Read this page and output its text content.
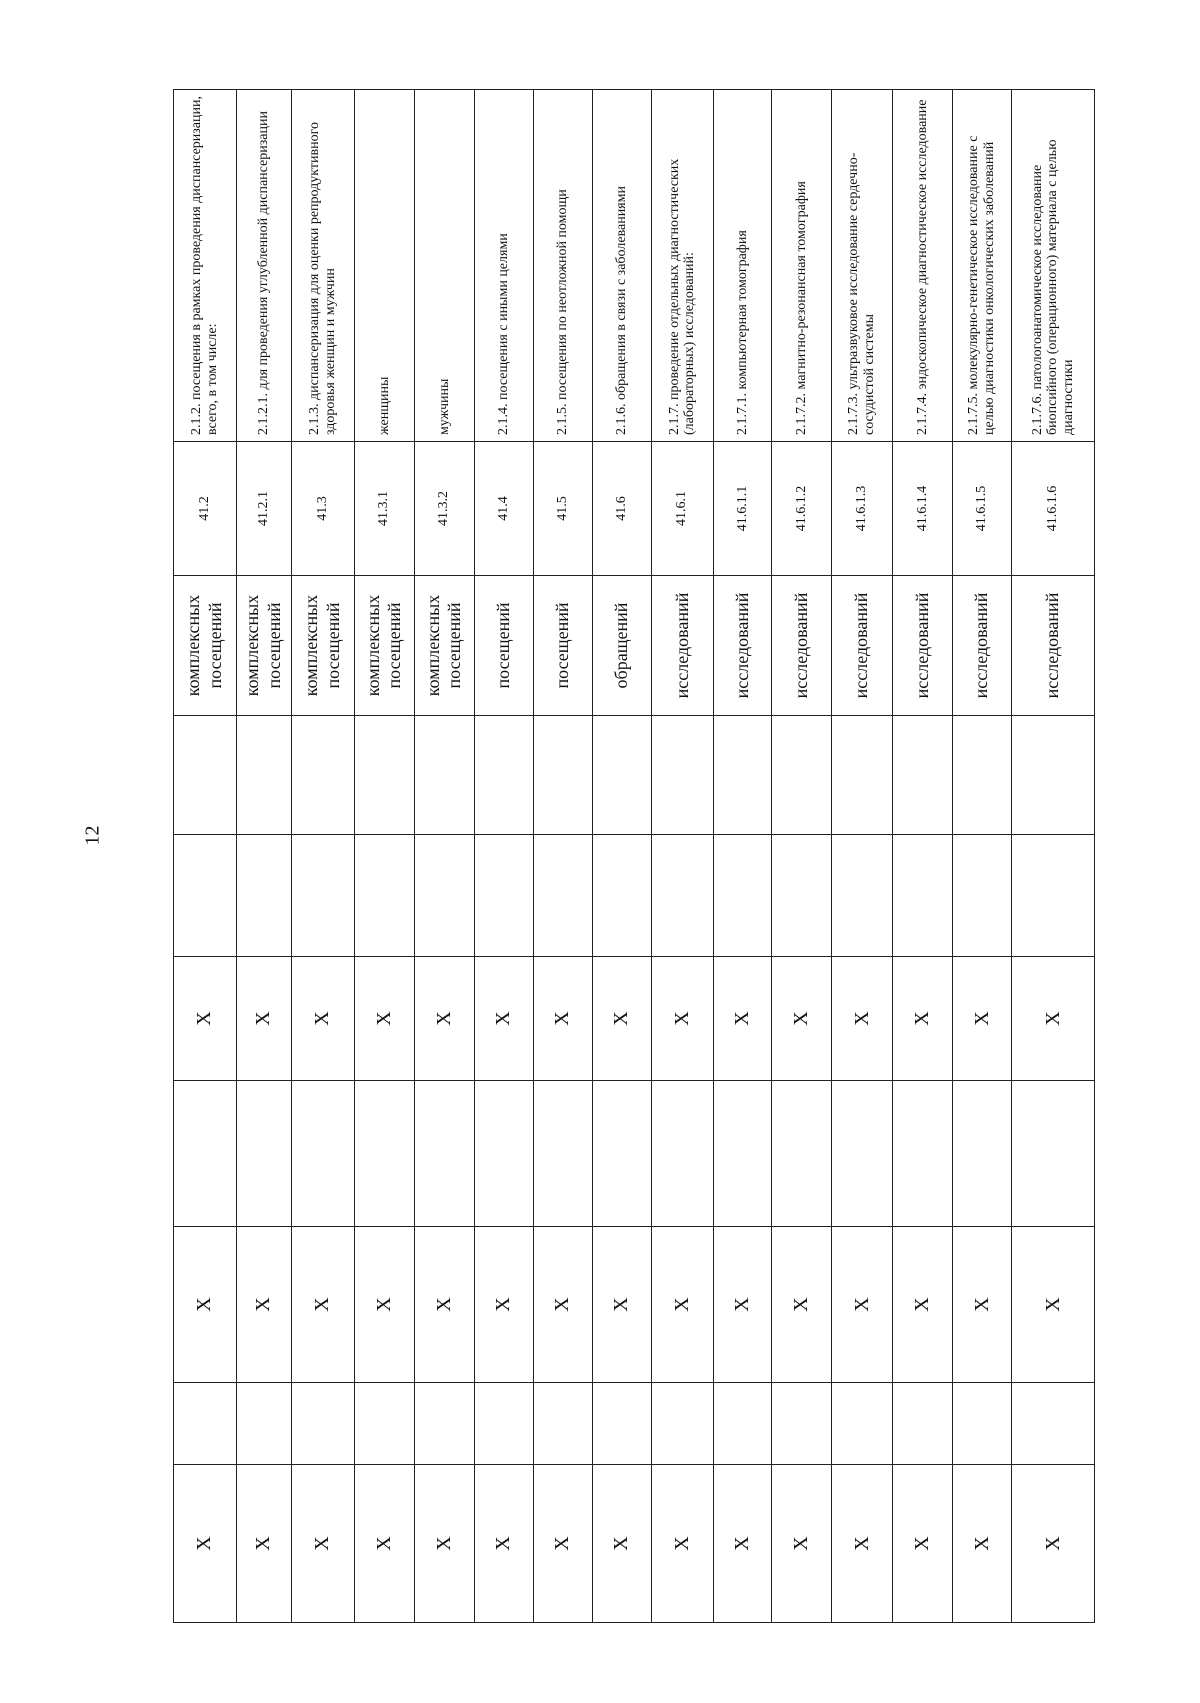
12
X		X		X			комплексных посещений	41.2	2.1.2. посещения в рамках проведения диспансеризации, всего, в том числе:
X		X		X			комплексных посещений	41.2.1	2.1.2.1. для проведения углубленной диспансеризации
X		X		X			комплексных посещений	41.3	2.1.3. диспансеризация для оценки репродуктивного здоровья женщин и мужчин
X		X		X			комплексных посещений	41.3.1	женщины
X		X		X			комплексных посещений	41.3.2	мужчины
X		X		X			посещений	41.4	2.1.4. посещения с иными целями
X		X		X			посещений	41.5	2.1.5. посещения по неотложной помощи
X		X		X			обращений	41.6	2.1.6. обращения в связи с заболеваниями
X		X		X			исследований	41.6.1	2.1.7. проведение отдельных диагностических (лабораторных) исследований:
X		X		X			исследований	41.6.1.1	2.1.7.1. компьютерная томография
X		X		X			исследований	41.6.1.2	2.1.7.2. магнитно-резонансная томография
X		X		X			исследований	41.6.1.3	2.1.7.3. ультразвуковое исследование сердечно-сосудистой системы
X		X		X			исследований	41.6.1.4	2.1.7.4. эндоскопическое диагностическое исследование
X		X		X			исследований	41.6.1.5	2.1.7.5. молекулярно-генетическое исследование с целью диагностики онкологических заболеваний
X		X		X			исследований	41.6.1.6	2.1.7.6. патологоанатомическое исследование биопсийного (операционного) материала с целью диагностики
